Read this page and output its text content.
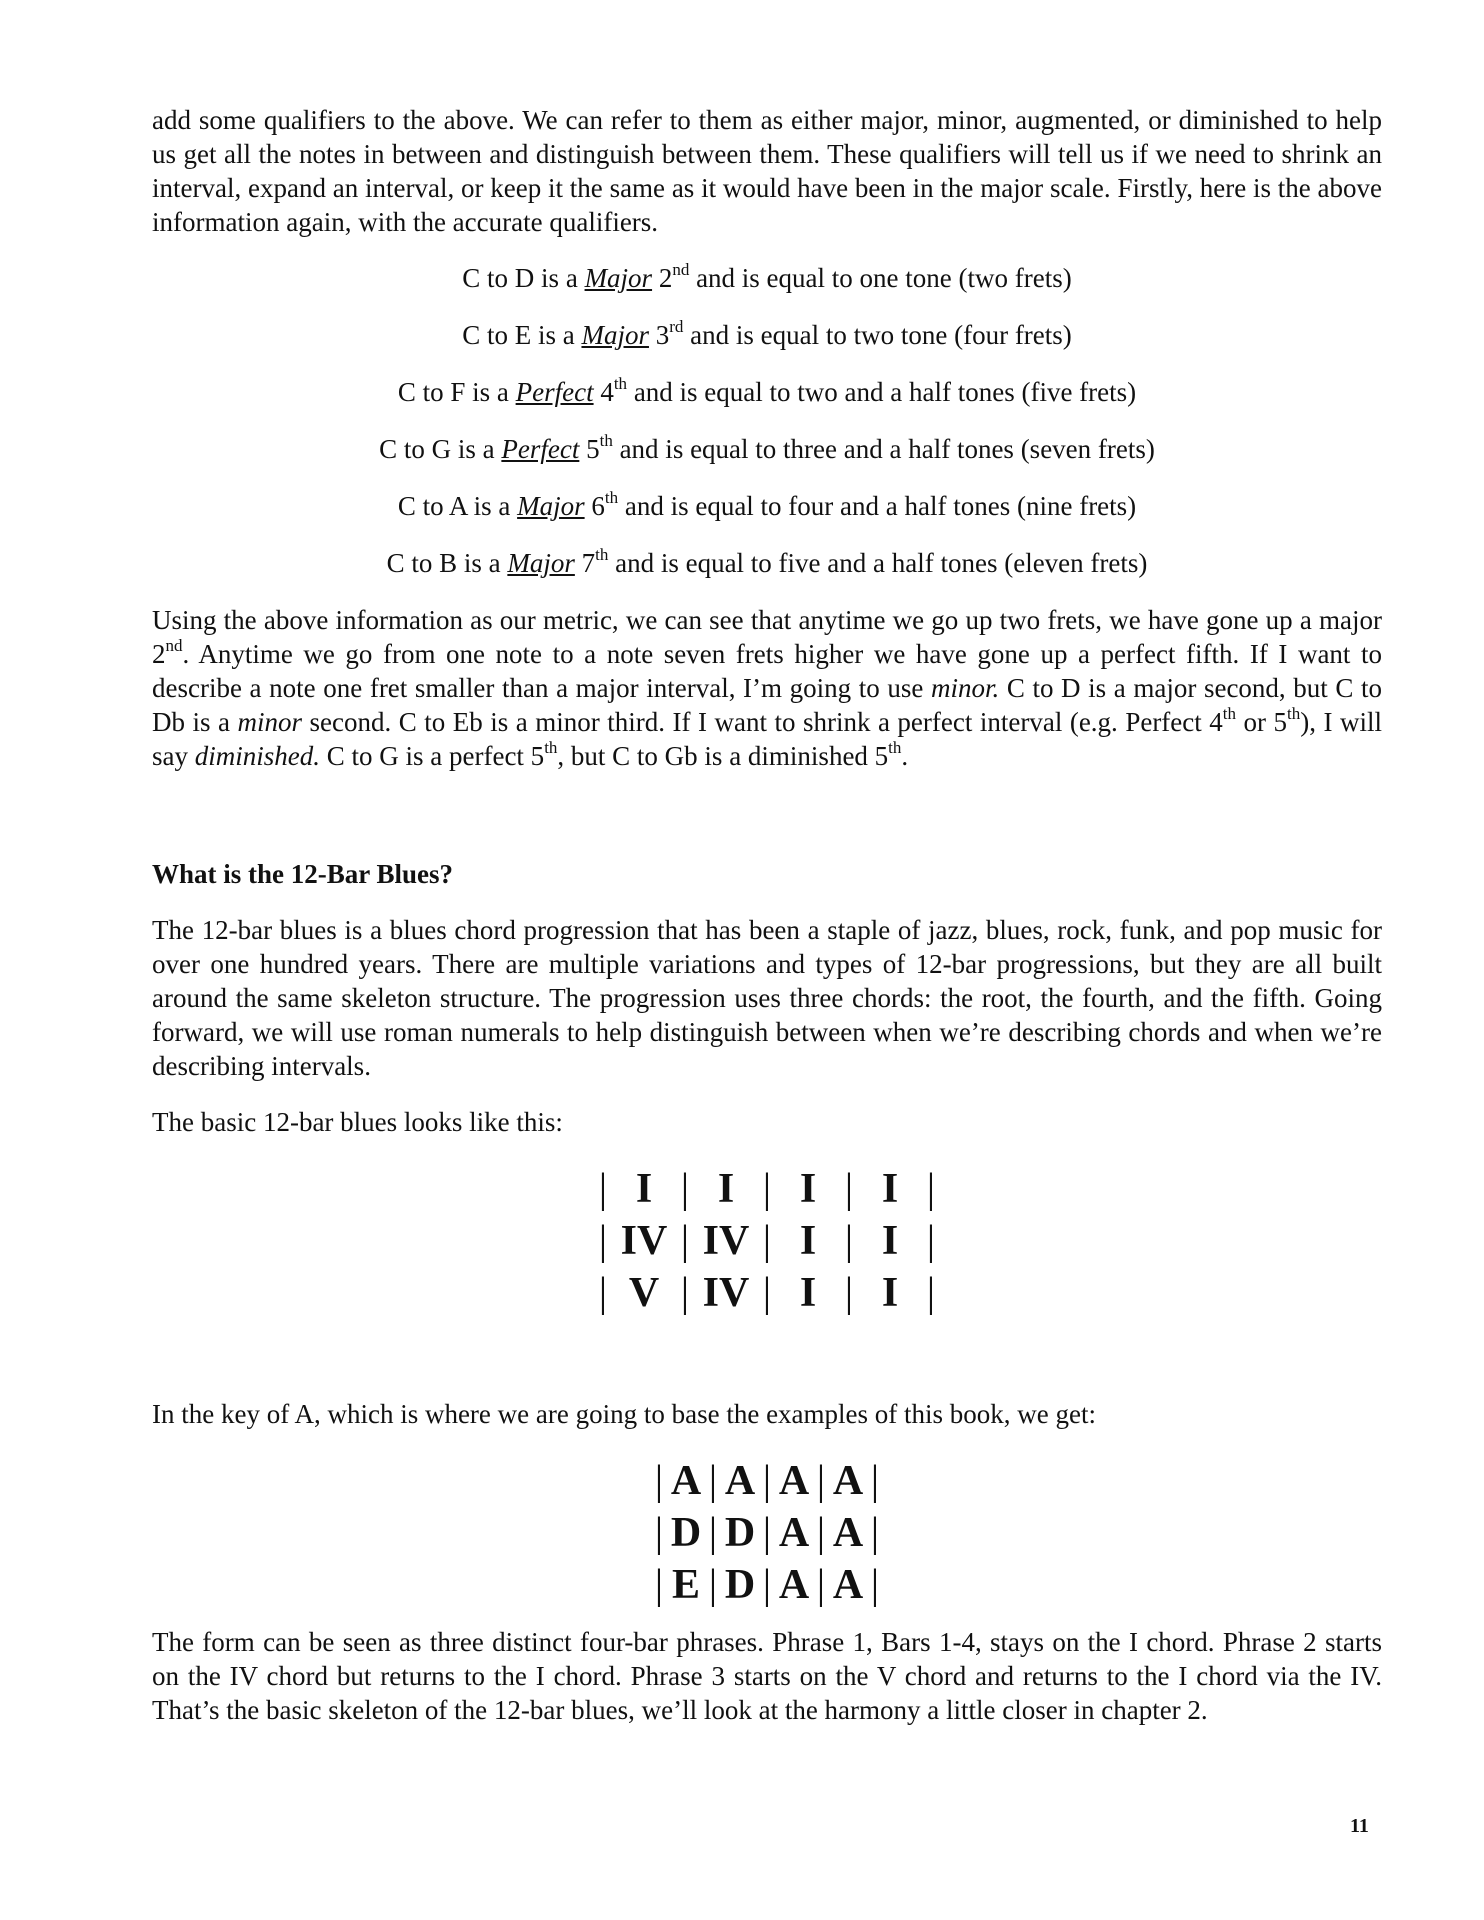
add some qualifiers to the above. We can refer to them as either major, minor, augmented, or diminished to help us get all the notes in between and distinguish between them. These qualifiers will tell us if we need to shrink an interval, expand an interval, or keep it the same as it would have been in the major scale. Firstly, here is the above information again, with the accurate qualifiers.

C to D is a Major 2nd and is equal to one tone (two frets)

C to E is a Major 3rd and is equal to two tone (four frets)

C to F is a Perfect 4th and is equal to two and a half tones (five frets)

C to G is a Perfect 5th and is equal to three and a half tones (seven frets)

C to A is a Major 6th and is equal to four and a half tones (nine frets)

C to B is a Major 7th and is equal to five and a half tones (eleven frets)

Using the above information as our metric, we can see that anytime we go up two frets, we have gone up a major 2nd. Anytime we go from one note to a note seven frets higher we have gone up a perfect fifth. If I want to describe a note one fret smaller than a major interval, I’m going to use minor. C to D is a major second, but C to Db is a minor second. C to Eb is a minor third. If I want to shrink a perfect interval (e.g. Perfect 4th or 5th), I will say diminished. C to G is a perfect 5th, but C to Gb is a diminished 5th.

What is the 12-Bar Blues?

The 12-bar blues is a blues chord progression that has been a staple of jazz, blues, rock, funk, and pop music for over one hundred years. There are multiple variations and types of 12-bar progressions, but they are all built around the same skeleton structure. The progression uses three chords: the root, the fourth, and the fifth. Going forward, we will use roman numerals to help distinguish between when we’re describing chords and when we’re describing intervals.

The basic 12-bar blues looks like this:

|	I	|	I	|	I	|	I	|
|	IV	|	IV	|	I	|	I	|
|	V	|	IV	|	I	|	I	|

In the key of A, which is where we are going to base the examples of this book, we get:

|	A	|	A	|	A	|	A	|
|	D	|	D	|	A	|	A	|
|	E	|	D	|	A	|	A	|

The form can be seen as three distinct four-bar phrases. Phrase 1, Bars 1-4, stays on the I chord. Phrase 2 starts on the IV chord but returns to the I chord. Phrase 3 starts on the V chord and returns to the I chord via the IV. That’s the basic skeleton of the 12-bar blues, we’ll look at the harmony a little closer in chapter 2.

11
